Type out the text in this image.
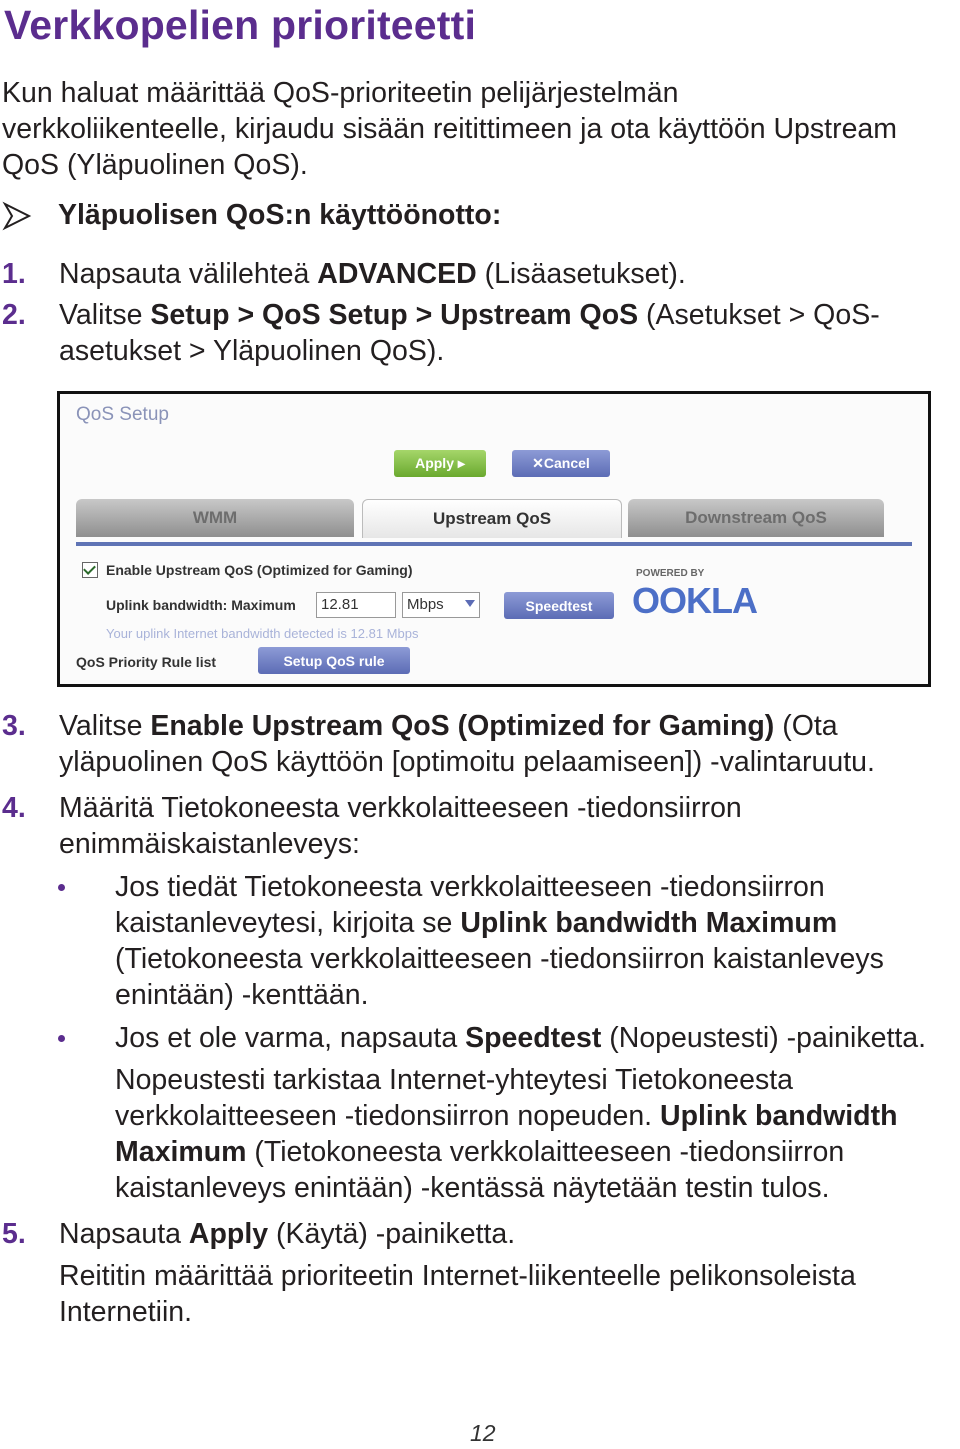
Verkkopelien prioriteetti
Kun haluat määrittää QoS-prioriteetin pelijärjestelmän verkkoliikenteelle, kirjaudu sisään reitittimeen ja ota käyttöön Upstream QoS (Yläpuolinen QoS).
Yläpuolisen QoS:n käyttöönotto:
1. Napsauta välilehteä ADVANCED (Lisäasetukset).
2. Valitse Setup > QoS Setup > Upstream QoS (Asetukset > QoS-asetukset > Yläpuolinen QoS).
QoS Setup
Apply ▸	✕Cancel
WMM	Upstream QoS	Downstream QoS
Enable Upstream QoS (Optimized for Gaming)
Uplink bandwidth: Maximum	12.81	Mbps	Speedtest
Your uplink Internet bandwidth detected is 12.81 Mbps
QoS Priority Rule list	Setup QoS rule
POWERED BY
OOKLA
3. Valitse Enable Upstream QoS (Optimized for Gaming) (Ota yläpuolinen QoS käyttöön [optimoitu pelaamiseen]) -valintaruutu.
4. Määritä Tietokoneesta verkkolaitteeseen -tiedonsiirron enimmäiskaistanleveys:
Jos tiedät Tietokoneesta verkkolaitteeseen -tiedonsiirron kaistanleveytesi, kirjoita se Uplink bandwidth Maximum (Tietokoneesta verkkolaitteeseen -tiedonsiirron kaistanleveys enintään) -kenttään.
Jos et ole varma, napsauta Speedtest (Nopeustesti) -painiketta.
Nopeustesti tarkistaa Internet-yhteytesi Tietokoneesta verkkolaitteeseen -tiedonsiirron nopeuden. Uplink bandwidth Maximum (Tietokoneesta verkkolaitteeseen -tiedonsiirron kaistanleveys enintään) -kentässä näytetään testin tulos.
5. Napsauta Apply (Käytä) -painiketta.
Reititin määrittää prioriteetin Internet-liikenteelle pelikonsoleista Internetiin.
12
